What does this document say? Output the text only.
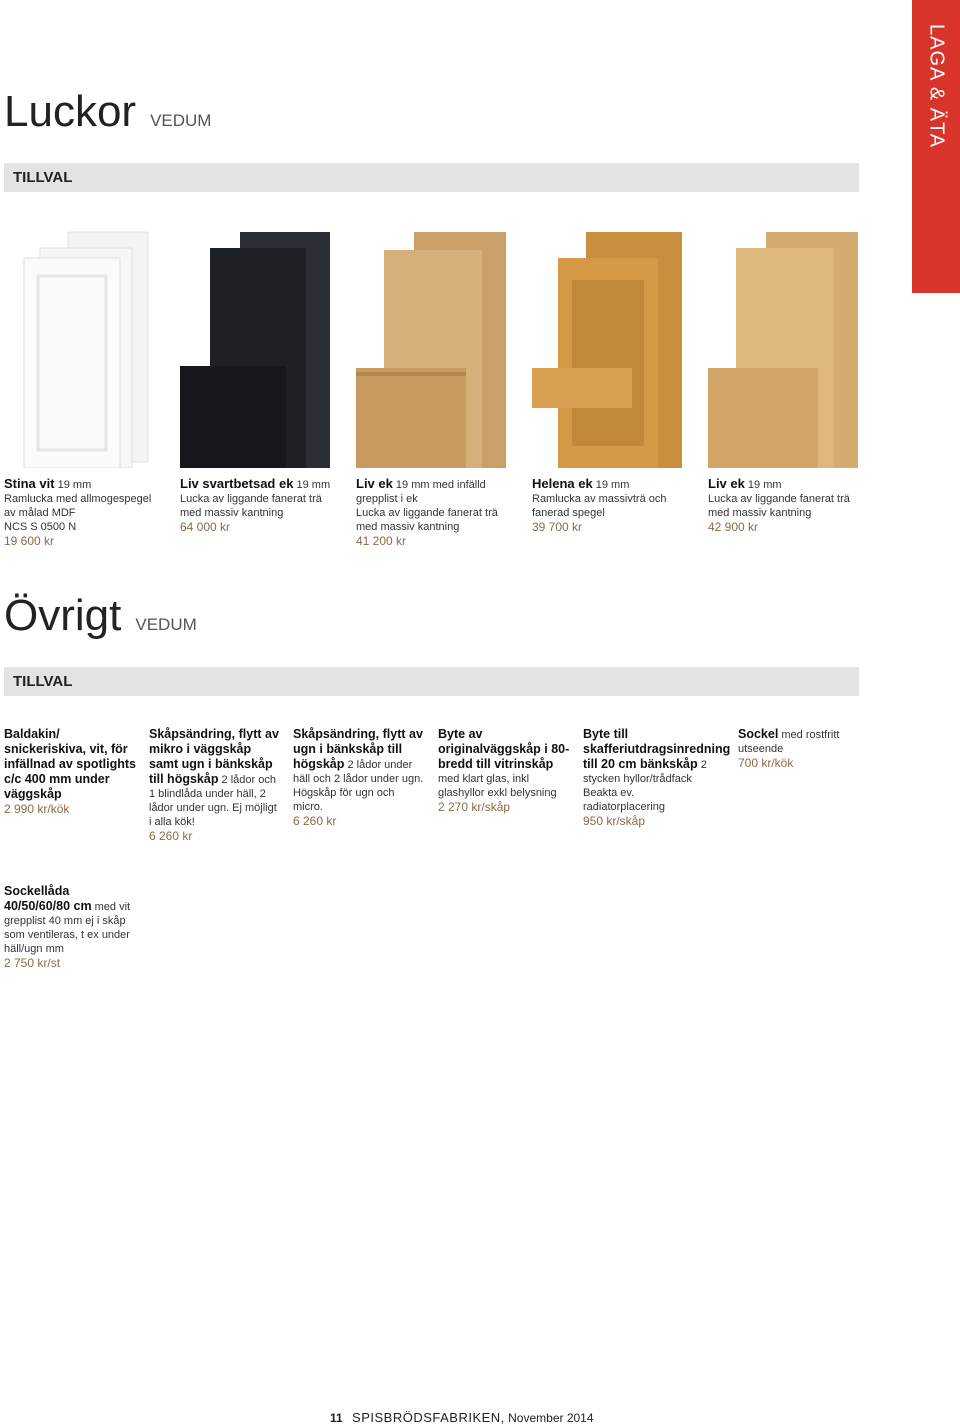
LAGA & ÄTA
Luckor VEDUM
TILLVAL
Stina vit 19 mm
Ramlucka med allmogespegel
av målad MDF
NCS S 0500 N
19 600 kr
Liv svartbetsad ek 19 mm
Lucka av liggande fanerat trä
med massiv kantning
64 000 kr
Liv ek 19 mm med infälld
grepplist i ek
Lucka av liggande fanerat trä
med massiv kantning
41 200 kr
Helena ek 19 mm
Ramlucka av massivträ och
fanerad spegel
39 700 kr
Liv ek 19 mm
Lucka av liggande fanerat trä
med massiv kantning
42 900 kr
Övrigt VEDUM
TILLVAL
Baldakin/ snickeriskiva, vit, för infällnad av spotlights c/c 400 mm under väggskåp
2 990 kr/kök
Skåpsändring, flytt av mikro i väggskåp samt ugn i bänkskåp till högskåp 2 lådor och 1 blindlåda under häll, 2 lådor under ugn. Ej möjligt i alla kök!
6 260 kr
Skåpsändring, flytt av ugn i bänkskåp till högskåp 2 lådor under häll och 2 lådor under ugn. Högskåp för ugn och micro.
6 260 kr
Byte av originalväggskåp i 80-bredd till vitrinskåp med klart glas, inkl glashyllor exkl belysning
2 270 kr/skåp
Byte till skafferiutdragsinredning till 20 cm bänkskåp 2 stycken hyllor/trådfack Beakta ev. radiatorplacering
950 kr/skåp
Sockel med rostfritt utseende
700 kr/kök
Sockellåda 40/50/60/80 cm med vit grepplist 40 mm ej i skåp som ventileras, t ex under häll/ugn mm
2 750 kr/st
11 SPISBRÖDSFABRIKEN, November 2014
